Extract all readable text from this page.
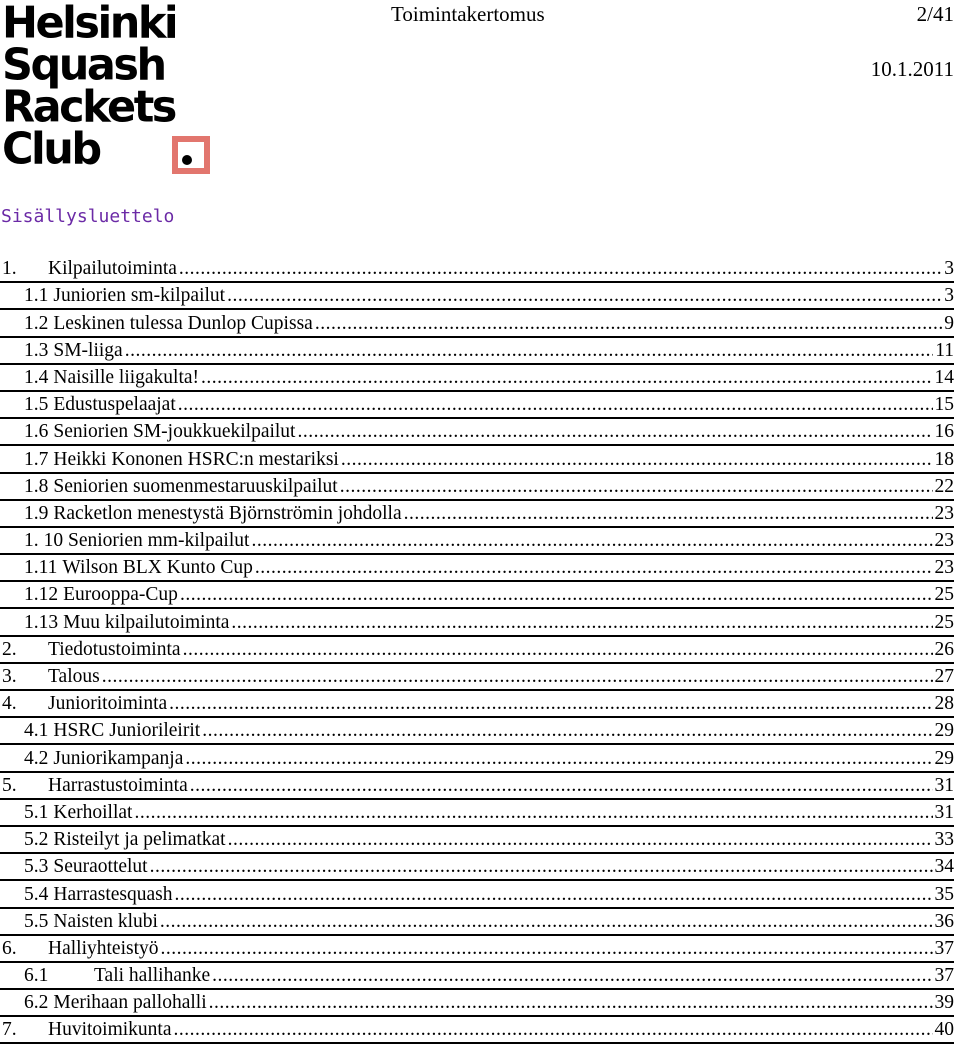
Helsinki
Squash
Rackets
Club
Toimintakertomus	2/41
10.1.2011
Sisällysluettelo
1.	Kilpailutoiminta .....	3
1.1 Juniorien sm-kilpailut .....	3
1.2 Leskinen tulessa Dunlop Cupissa .....	9
1.3 SM-liiga .....	11
1.4 Naisille liigakulta! .....	14
1.5 Edustuspelaajat .....	15
1.6 Seniorien SM-joukkuekilpailut .....	16
1.7 Heikki Kononen HSRC:n mestariksi .....	18
1.8 Seniorien suomenmestaruuskilpailut .....	22
1.9 Racketlon menestystä Björnströmin johdolla .....	23
1. 10 Seniorien mm-kilpailut .....	23
1.11 Wilson BLX Kunto Cup .....	23
1.12 Eurooppa-Cup .....	25
1.13 Muu kilpailutoiminta .....	25
2.	Tiedotustoiminta .....	26
3.	Talous .....	27
4.	Junioritoiminta .....	28
4.1 HSRC Juniorileirit .....	29
4.2 Juniorikampanja .....	29
5.	Harrastustoiminta .....	31
5.1 Kerhoillat .....	31
5.2 Risteilyt ja pelimatkat .....	33
5.3 Seuraottelut .....	34
5.4 Harrastesquash .....	35
5.5 Naisten klubi .....	36
6.	Halliyhteistyö .....	37
6.1	Tali hallihanke .....	37
6.2 Merihaan pallohalli .....	39
7.	Huvitoimikunta .....	40
